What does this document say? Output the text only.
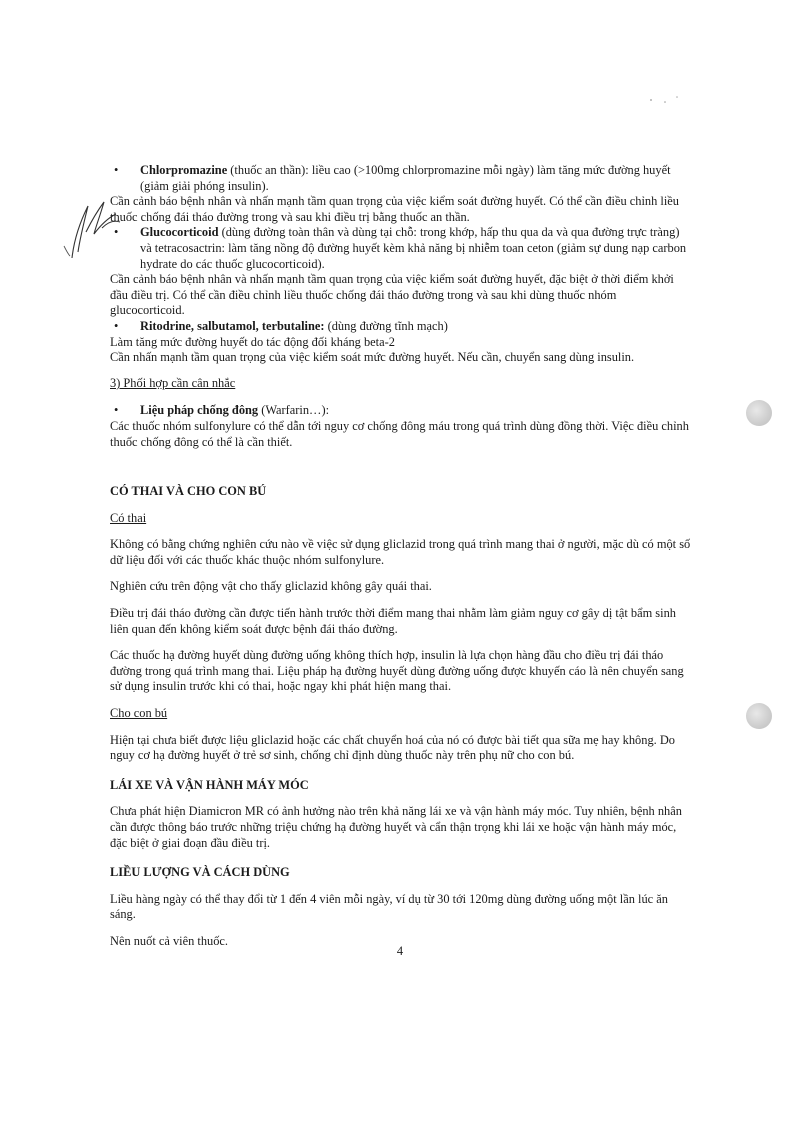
•	Chlorpromazine (thuốc an thần): liều cao (>100mg chlorpromazine mỗi ngày) làm tăng mức đường huyết (giảm giải phóng insulin).

Cần cảnh báo bệnh nhân và nhấn mạnh tầm quan trọng của việc kiểm soát đường huyết. Có thể cần điều chỉnh liều thuốc chống đái tháo đường trong và sau khi điều trị bằng thuốc an thần.

•	Glucocorticoid (dùng đường toàn thân và dùng tại chỗ: trong khớp, hấp thu qua da và qua đường trực tràng) và tetracosactrin: làm tăng nồng độ đường huyết kèm khả năng bị nhiễm toan ceton (giảm sự dung nạp carbon hydrate do các thuốc glucocorticoid).

Cần cảnh báo bệnh nhân và nhấn mạnh tầm quan trọng của việc kiểm soát đường huyết, đặc biệt ở thời điểm khởi đầu điều trị. Có thể cần điều chỉnh liều thuốc chống đái tháo đường trong và sau khi dùng thuốc nhóm glucocorticoid.

•	Ritodrine, salbutamol, terbutaline: (dùng đường tĩnh mạch)

Làm tăng mức đường huyết do tác động đối kháng beta-2

Cần nhấn mạnh tầm quan trọng của việc kiểm soát mức đường huyết. Nếu cần, chuyển sang dùng insulin.

3) Phối hợp cần cân nhắc

•	Liệu pháp chống đông (Warfarin…):

Các thuốc nhóm sulfonylure có thể dẫn tới nguy cơ chống đông máu trong quá trình dùng đồng thời. Việc điều chỉnh thuốc chống đông có thể là cần thiết.

CÓ THAI VÀ CHO CON BÚ

Có thai

Không có bằng chứng nghiên cứu nào về việc sử dụng gliclazid trong quá trình mang thai ở người, mặc dù có một số dữ liệu đối với các thuốc khác thuộc nhóm sulfonylure.

Nghiên cứu trên động vật cho thấy gliclazid không gây quái thai.

Điều trị đái tháo đường cần được tiến hành trước thời điểm mang thai nhằm làm giảm nguy cơ gây dị tật bẩm sinh liên quan đến không kiểm soát được bệnh đái tháo đường.

Các thuốc hạ đường huyết dùng đường uống không thích hợp, insulin là lựa chọn hàng đầu cho điều trị đái tháo đường trong quá trình mang thai. Liệu pháp hạ đường huyết dùng đường uống được khuyến cáo là nên chuyển sang sử dụng insulin trước khi có thai, hoặc ngay khi phát hiện mang thai.

Cho con bú

Hiện tại chưa biết được liệu gliclazid hoặc các chất chuyển hoá của nó có được bài tiết qua sữa mẹ hay không. Do nguy cơ hạ đường huyết ở trẻ sơ sinh, chống chỉ định dùng thuốc này trên phụ nữ cho con bú.

LÁI XE VÀ VẬN HÀNH MÁY MÓC

Chưa phát hiện Diamicron MR có ảnh hưởng nào trên khả năng lái xe và vận hành máy móc. Tuy nhiên, bệnh nhân cần được thông báo trước những triệu chứng hạ đường huyết và cẩn thận trọng khi lái xe hoặc vận hành máy móc, đặc biệt ở giai đoạn đầu điều trị.

LIỀU LƯỢNG VÀ CÁCH DÙNG

Liều hàng ngày có thể thay đổi từ 1 đến 4 viên mỗi ngày, ví dụ từ 30 tới 120mg dùng đường uống một lần lúc ăn sáng.

Nên nuốt cả viên thuốc.

4
